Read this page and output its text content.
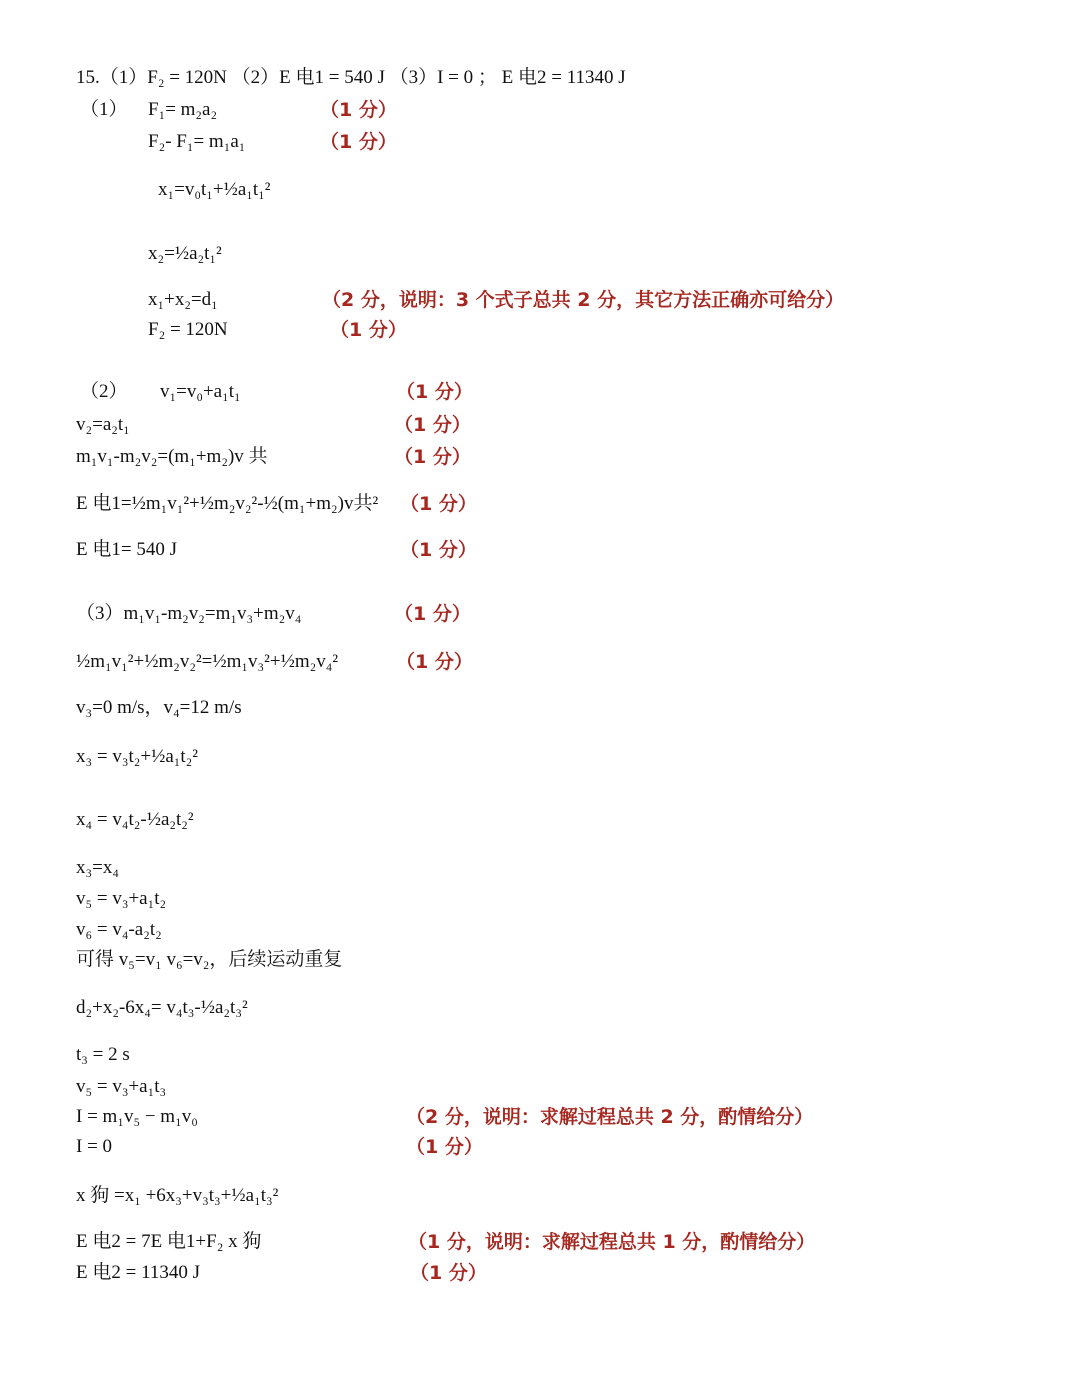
15.（1）F₂ = 120N （2）E 电1 = 540 J （3）I = 0 ； E 电2 = 11340 J
（1） F₁= m₂a₂	（1 分）
F₂- F₁= m₁a₁	（1 分）
x₁=v₀t₁+½a₁t₁²
x₂=½a₂t₁²
x₁+x₂=d₁	（2 分，说明：3 个式子总共 2 分，其它方法正确亦可给分）
F₂ = 120N	（1 分）
（2） v₁=v₀+a₁t₁	（1 分）
v₂=a₂t₁	（1 分）
m₁v₁-m₂v₂=(m₁+m₂)v 共	（1 分）
E 电1=½m₁v₁²+½m₂v₂²-½(m₁+m₂)v共² （1 分）
E 电1= 540 J	（1 分）
（3）m₁v₁-m₂v₂=m₁v₃+m₂v₄	（1 分）
½m₁v₁²+½m₂v₂²=½m₁v₃²+½m₂v₄²	（1 分）
v₃=0 m/s，v₄=12 m/s
x₃ = v₃t₂+½a₁t₂²
x₄ = v₄t₂-½a₂t₂²
x₃=x₄
v₅ = v₃+a₁t₂
v₆ = v₄-a₂t₂
可得 v₅=v₁ v₆=v₂，后续运动重复
d₂+x₂-6x₄= v₄t₃-½a₂t₃²
t₃ = 2 s
v₅ = v₃+a₁t₃
I = m₁v₅ − m₁v₀	（2 分，说明：求解过程总共 2 分，酌情给分）
I = 0	（1 分）
x 狗 =x₁ +6x₃+v₃t₃+½a₁t₃²
E 电2 = 7E 电1+F₂ x 狗	（1 分，说明：求解过程总共 1 分，酌情给分）
E 电2 = 11340 J	（1 分）
